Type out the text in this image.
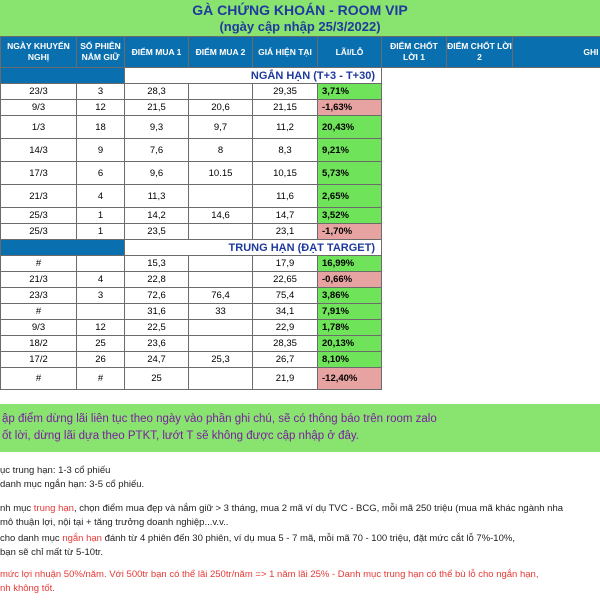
GÀ CHỨNG KHOÁN - ROOM VIP
(ngày cập nhập 25/3/2022)
NGÀY KHUYẾN NGHỊ	SỐ PHIÊN NẮM GIỮ	ĐIỂM MUA 1	ĐIỂM MUA 2	GIÁ HIỆN TẠI	LÃI/LỖ	ĐIỂM CHỐT LỜI 1	ĐIỂM CHỐT LỜI 2	GHI
		NGẮN HẠN (T+3 - T+30)						
23/3	3	28,3		29,35	3,71%			
9/3	12	21,5	20,6	21,15	-1,63%			
1/3	18	9,3	9,7	11,2	20,43%			
14/3	9	7,6	8	8,3	9,21%			
17/3	6	9,6	10.15	10,15	5,73%			
21/3	4	11,3		11,6	2,65%			
25/3	1	14,2	14,6	14,7	3,52%			
25/3	1	23,5		23,1	-1,70%			
		TRUNG HẠN (ĐẠT TARGET)						
#		15,3		17,9	16,99%			
21/3	4	22,8		22,65	-0,66%			
23/3	3	72,6	76,4	75,4	3,86%			
#		31,6	33	34,1	7,91%			
9/3	12	22,5		22,9	1,78%			
18/2	25	23,6		28,35	20,13%			
17/2	26	24,7	25,3	26,7	8,10%			
#	#	25		21,9	-12,40%			
ập điểm dừng lãi liên tục theo ngày vào phần ghi chú, sẽ có thông báo trên room zalo
ốt lời, dừng lãi dựa theo PTKT, lướt T sẽ không được cập nhập ở đây.
ục trung hạn: 1-3 cổ phiếu
danh mục ngắn hạn: 3-5 cổ phiếu.
nh mục trung hạn, chọn điểm mua đẹp và nắm giữ > 3 tháng, mua 2 mã ví dụ TVC - BCG, mỗi mã 250 triệu (mua mã khác ngành nha
mô thuận lợi, nội tại + tăng trưởng doanh nghiệp...v.v..
cho danh mục ngắn hạn đánh từ 4 phiên đến 30 phiên, ví dụ mua 5 - 7 mã, mỗi mã 70 - 100 triệu, đặt mức cắt lỗ 7%-10%,
bạn sẽ chỉ mất từ 5-10tr.
mức lợi nhuận 50%/năm. Với 500tr bạn có thể lãi 250tr/năm => 1 năm lãi 25% - Danh mục trung hạn có thể bù lỗ cho ngắn hạn,
nh không tốt.
